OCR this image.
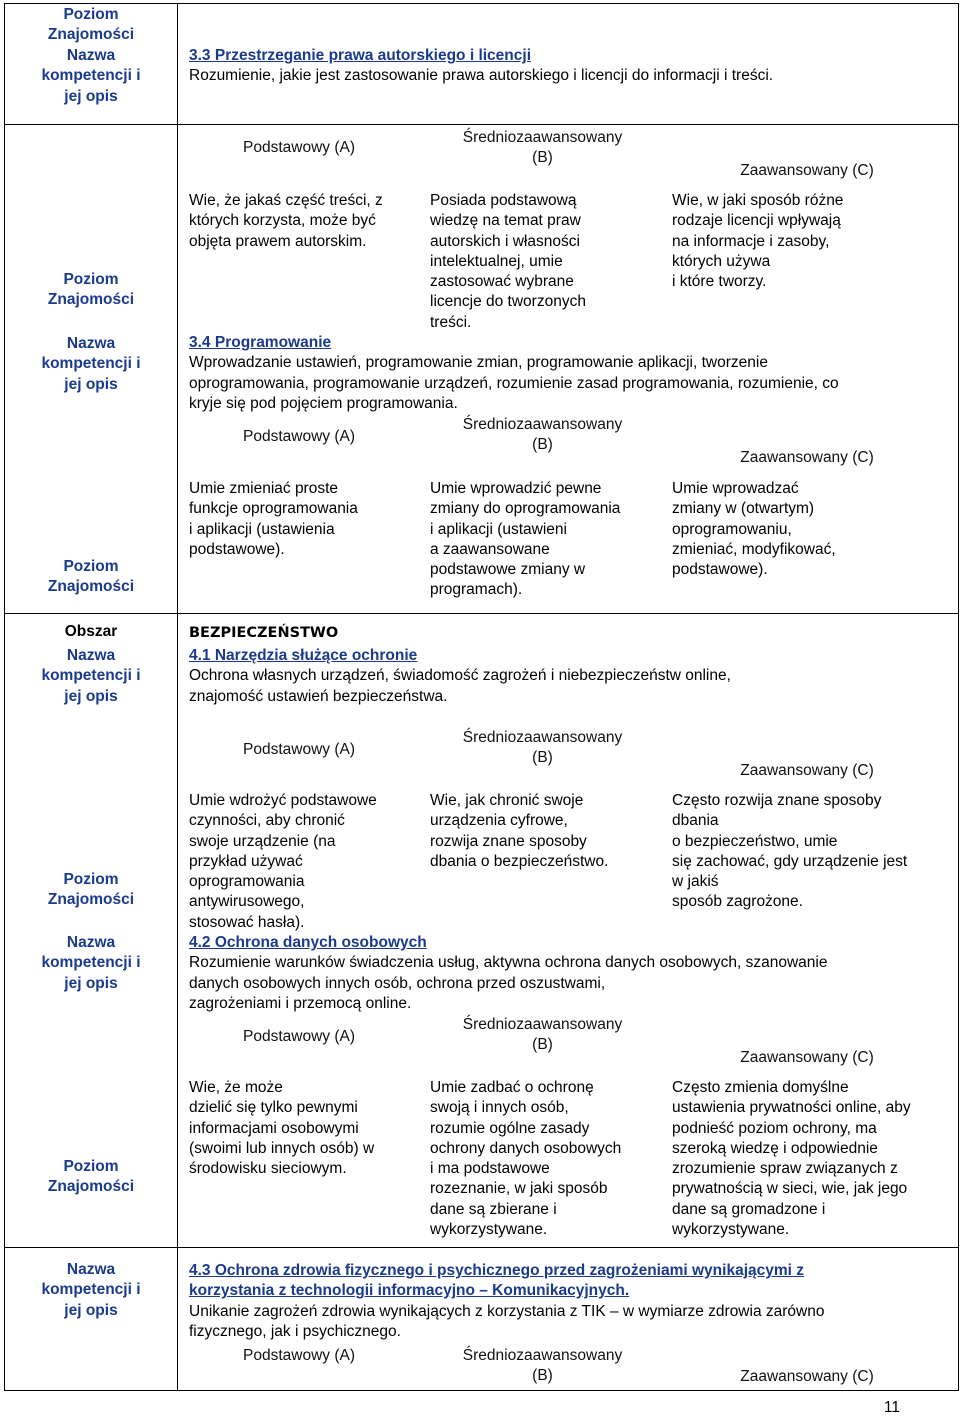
Poziom
Znajomości
Nazwa
kompetencji i
jej opis
Poziom
Znajomości
Nazwa
kompetencji i
jej opis
Poziom
Znajomości
Obszar
Nazwa
kompetencji i
jej opis
Poziom
Znajomości
Nazwa
kompetencji i
jej opis
Poziom
Znajomości
Nazwa
kompetencji i
jej opis
3.3 Przestrzeganie prawa autorskiego i licencji
Rozumienie, jakie jest zastosowanie prawa autorskiego i licencji do informacji i treści.
Podstawowy (A)
Średniozaawansowany
(B)
Zaawansowany (C)
Wie, że jakaś część treści, z
których korzysta, może być
objęta prawem autorskim.
Posiada podstawową
wiedzę na temat praw
autorskich i własności
intelektualnej, umie
zastosować wybrane
licencje do tworzonych
treści.
Wie, w jaki sposób różne
rodzaje licencji wpływają
na informacje i zasoby,
których używa
i które tworzy.
3.4 Programowanie
Wprowadzanie ustawień, programowanie zmian, programowanie aplikacji, tworzenie
oprogramowania, programowanie urządzeń, rozumienie zasad programowania, rozumienie, co
kryje się pod pojęciem programowania.
Podstawowy (A)
Średniozaawansowany
(B)
Zaawansowany (C)
Umie zmieniać proste
funkcje oprogramowania
i aplikacji (ustawienia
podstawowe).
Umie wprowadzić pewne
zmiany do oprogramowania
i aplikacji (ustawieni
a zaawansowane
podstawowe zmiany w
programach).
Umie wprowadzać
zmiany w (otwartym)
oprogramowaniu,
zmieniać, modyfikować,
podstawowe).
BEZPIECZEŃSTWO
4.1 Narzędzia służące ochronie
Ochrona własnych urządzeń, świadomość zagrożeń i niebezpieczeństw online,
znajomość ustawień bezpieczeństwa.
Podstawowy (A)
Średniozaawansowany
(B)
Zaawansowany (C)
Umie wdrożyć podstawowe
czynności, aby chronić
swoje urządzenie (na
przykład używać
oprogramowania
antywirusowego,
stosować hasła).
Wie, jak chronić swoje
urządzenia cyfrowe,
rozwija znane sposoby
dbania o bezpieczeństwo.
Często rozwija znane sposoby
dbania
o bezpieczeństwo, umie
się zachować, gdy urządzenie jest
w jakiś
sposób zagrożone.
4.2 Ochrona danych osobowych
Rozumienie warunków świadczenia usług, aktywna ochrona danych osobowych, szanowanie
danych osobowych innych osób, ochrona przed oszustwami,
zagrożeniami i przemocą online.
Podstawowy (A)
Średniozaawansowany
(B)
Zaawansowany (C)
Wie, że może
dzielić się tylko pewnymi
informacjami osobowymi
(swoimi lub innych osób) w
środowisku sieciowym.
Umie zadbać o ochronę
swoją i innych osób,
rozumie ogólne zasady
ochrony danych osobowych
i ma podstawowe
rozeznanie, w jaki sposób
dane są zbierane i
wykorzystywane.
Często zmienia domyślne
ustawienia prywatności online, aby
podnieść poziom ochrony, ma
szeroką wiedzę i odpowiednie
zrozumienie spraw związanych z
prywatnością w sieci, wie, jak jego
dane są gromadzone i
wykorzystywane.
4.3 Ochrona zdrowia fizycznego i psychicznego przed zagrożeniami wynikającymi z
korzystania z technologii informacyjno – Komunikacyjnych.
Unikanie zagrożeń zdrowia wynikających z korzystania z TIK – w wymiarze zdrowia zarówno
fizycznego, jak i psychicznego.
Podstawowy (A)	Średniozaawansowany
(B)	Zaawansowany (C)
11
